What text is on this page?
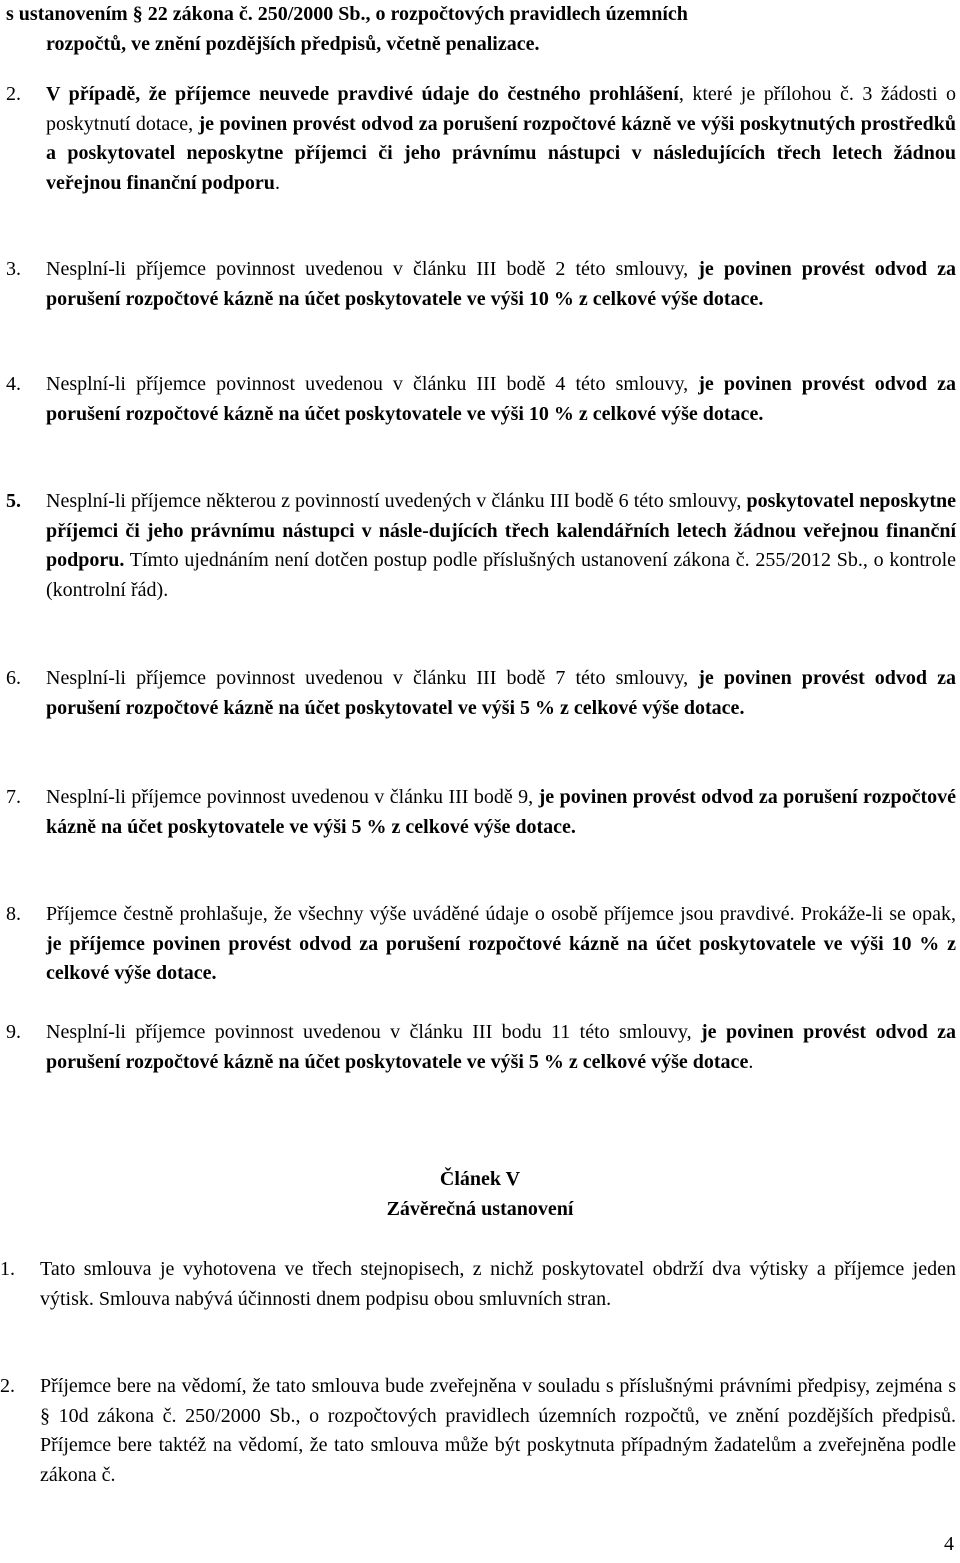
s ustanovením § 22 zákona č. 250/2000 Sb., o rozpočtových pravidlech územních

rozpočtů, ve znění pozdějších předpisů, včetně penalizace.

2.	V případě, že příjemce neuvede pravdivé údaje do čestného prohlášení, které je přílohou č. 3 žádosti o poskytnutí dotace, je povinen provést odvod za porušení rozpočtové kázně ve výši poskytnutých prostředků a poskytovatel neposkytne příjemci či jeho právnímu nástupci v následujících třech letech žádnou veřejnou finanční podporu.

3.	Nesplní-li příjemce povinnost uvedenou v článku III bodě 2 této smlouvy, je povinen provést odvod za porušení rozpočtové kázně na účet poskytovatele ve výši 10 % z celkové výše dotace.

4.	Nesplní-li příjemce povinnost uvedenou v článku III bodě 4 této smlouvy, je povinen provést odvod za porušení rozpočtové kázně na účet poskytovatele ve výši 10 % z celkové výše dotace.

5.	Nesplní-li příjemce některou z povinností uvedených v článku III bodě 6 této smlouvy, poskytovatel neposkytne příjemci či jeho právnímu nástupci v násle-dujících třech kalendářních letech žádnou veřejnou finanční podporu. Tímto ujednáním není dotčen postup podle příslušných ustanovení zákona č. 255/2012 Sb., o kontrole (kontrolní řád).

6.	Nesplní-li příjemce povinnost uvedenou v článku III bodě 7 této smlouvy, je povinen provést odvod za porušení rozpočtové kázně na účet poskytovatel ve výši 5 % z celkové výše dotace.

7.	Nesplní-li příjemce povinnost uvedenou v článku III bodě 9, je povinen provést odvod za porušení rozpočtové kázně na účet poskytovatele ve výši 5 % z celkové výše dotace.

8.	Příjemce čestně prohlašuje, že všechny výše uváděné údaje o osobě příjemce jsou pravdivé. Prokáže-li se opak, je příjemce povinen provést odvod za porušení rozpočtové kázně na účet poskytovatele ve výši 10 % z celkové výše dotace.

9.	Nesplní-li příjemce povinnost uvedenou v článku III bodu 11 této smlouvy, je povinen provést odvod za porušení rozpočtové kázně na účet poskytovatele ve výši 5 % z celkové výše dotace.

Článek V
Závěrečná ustanovení
1.	Tato smlouva je vyhotovena ve třech stejnopisech, z nichž poskytovatel obdrží dva výtisky a příjemce jeden výtisk. Smlouva nabývá účinnosti dnem podpisu obou smluvních stran.

2.	Příjemce bere na vědomí, že tato smlouva bude zveřejněna v souladu s příslušnými právními předpisy, zejména s § 10d zákona č. 250/2000 Sb., o rozpočtových pravidlech územních rozpočtů, ve znění pozdějších předpisů. Příjemce bere taktéž na vědomí, že tato smlouva může být poskytnuta případným žadatelům a zveřejněna podle zákona č.

4
